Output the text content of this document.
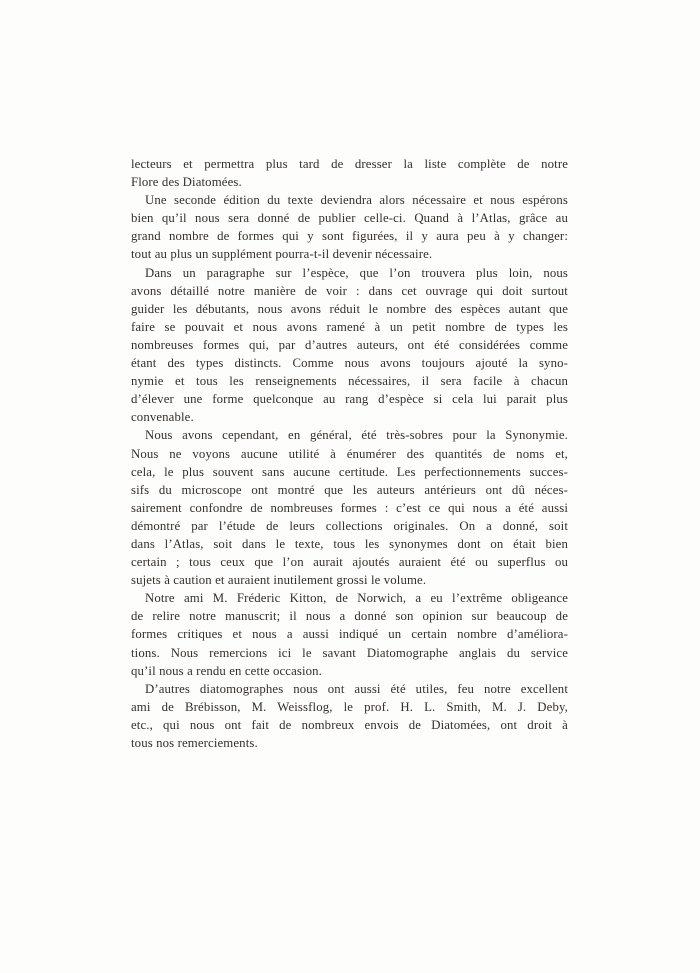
lecteurs et permettra plus tard de dresser la liste complète de notre
Flore des Diatomées.
Une seconde édition du texte deviendra alors nécessaire et nous espérons
bien qu’il nous sera donné de publier celle-ci. Quand à l’Atlas, grâce au
grand nombre de formes qui y sont figurées, il y aura peu à y changer:
tout au plus un supplément pourra-t-il devenir nécessaire.
Dans un paragraphe sur l’espèce, que l’on trouvera plus loin, nous
avons détaillé notre manière de voir : dans cet ouvrage qui doit surtout
guider les débutants, nous avons réduit le nombre des espèces autant que
faire se pouvait et nous avons ramené à un petit nombre de types les
nombreuses formes qui, par d’autres auteurs, ont été considérées comme
étant des types distincts. Comme nous avons toujours ajouté la syno-
nymie et tous les renseignements nécessaires, il sera facile à chacun
d’élever une forme quelconque au rang d’espèce si cela lui parait plus
convenable.
Nous avons cependant, en général, été très-sobres pour la Synonymie.
Nous ne voyons aucune utilité à énumérer des quantités de noms et,
cela, le plus souvent sans aucune certitude. Les perfectionnements succes-
sifs du microscope ont montré que les auteurs antérieurs ont dû néces-
sairement confondre de nombreuses formes : c’est ce qui nous a été aussi
démontré par l’étude de leurs collections originales. On a donné, soit
dans l’Atlas, soit dans le texte, tous les synonymes dont on était bien
certain ; tous ceux que l’on aurait ajoutés auraient été ou superflus ou
sujets à caution et auraient inutilement grossi le volume.
Notre ami M. Fréderic Kitton, de Norwich, a eu l’extrême obligeance
de relire notre manuscrit; il nous a donné son opinion sur beaucoup de
formes critiques et nous a aussi indiqué un certain nombre d’améliora-
tions. Nous remercions ici le savant Diatomographe anglais du service
qu’il nous a rendu en cette occasion.
D’autres diatomographes nous ont aussi été utiles, feu notre excellent
ami de Brébisson, M. Weissflog, le prof. H. L. Smith, M. J. Deby,
etc., qui nous ont fait de nombreux envois de Diatomées, ont droit à
tous nos remerciements.
